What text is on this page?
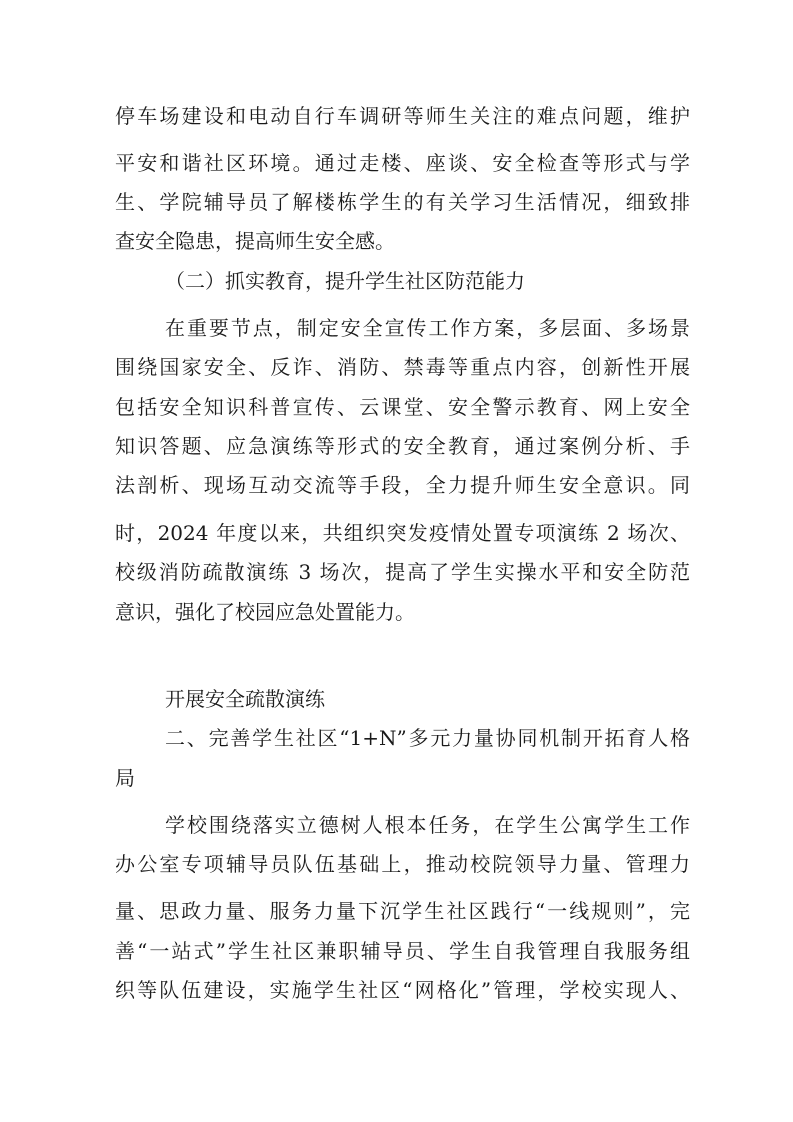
停车场建设和电动自行车调研等师生关注的难点问题，维护
平安和谐社区环境。通过走楼、座谈、安全检查等形式与学
生、学院辅导员了解楼栋学生的有关学习生活情况，细致排
查安全隐患，提高师生安全感。
（二）抓实教育，提升学生社区防范能力
在重要节点，制定安全宣传工作方案，多层面、多场景
围绕国家安全、反诈、消防、禁毒等重点内容，创新性开展
包括安全知识科普宣传、云课堂、安全警示教育、网上安全
知识答题、应急演练等形式的安全教育，通过案例分析、手
法剖析、现场互动交流等手段，全力提升师生安全意识。同
时，2024 年度以来，共组织突发疫情处置专项演练 2 场次、
校级消防疏散演练 3 场次，提高了学生实操水平和安全防范
意识，强化了校园应急处置能力。
开展安全疏散演练
二、完善学生社区“1+N”多元力量协同机制开拓育人格
局
学校围绕落实立德树人根本任务，在学生公寓学生工作
办公室专项辅导员队伍基础上，推动校院领导力量、管理力
量、思政力量、服务力量下沉学生社区践行“一线规则”，完
善“一站式”学生社区兼职辅导员、学生自我管理自我服务组
织等队伍建设，实施学生社区“网格化”管理，学校实现人、
